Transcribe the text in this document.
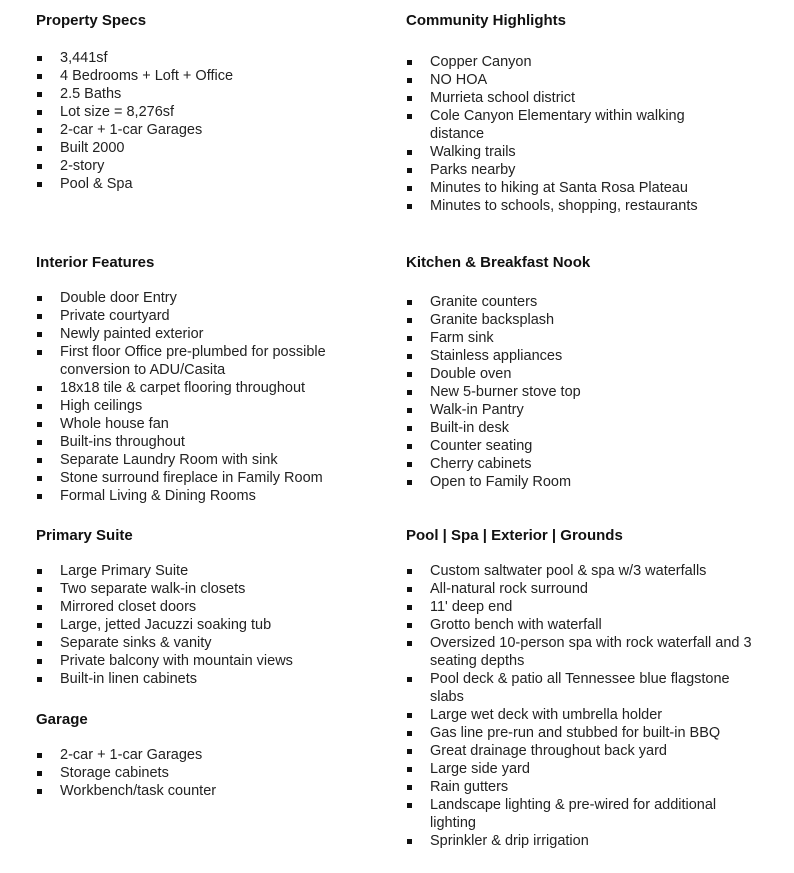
Property Specs
3,441sf
4 Bedrooms + Loft + Office
2.5 Baths
Lot size = 8,276sf
2-car + 1-car Garages
Built 2000
2-story
Pool & Spa
Community Highlights
Copper Canyon
NO HOA
Murrieta school district
Cole Canyon Elementary within walking distance
Walking trails
Parks nearby
Minutes to hiking at Santa Rosa Plateau
Minutes to schools, shopping, restaurants
Interior Features
Double door Entry
Private courtyard
Newly painted exterior
First floor Office pre-plumbed for possible conversion to ADU/Casita
18x18 tile & carpet flooring throughout
High ceilings
Whole house fan
Built-ins throughout
Separate Laundry Room with sink
Stone surround fireplace in Family Room
Formal Living & Dining Rooms
Kitchen & Breakfast Nook
Granite counters
Granite backsplash
Farm sink
Stainless appliances
Double oven
New 5-burner stove top
Walk-in Pantry
Built-in desk
Counter seating
Cherry cabinets
Open to Family Room
Primary Suite
Large Primary Suite
Two separate walk-in closets
Mirrored closet doors
Large, jetted Jacuzzi soaking tub
Separate sinks & vanity
Private balcony with mountain views
Built-in linen cabinets
Pool | Spa | Exterior | Grounds
Custom saltwater pool & spa w/3 waterfalls
All-natural rock surround
11' deep end
Grotto bench with waterfall
Oversized 10-person spa with rock waterfall and 3 seating depths
Pool deck & patio all Tennessee blue flagstone slabs
Large wet deck with umbrella holder
Gas line pre-run and stubbed for built-in BBQ
Great drainage throughout back yard
Large side yard
Rain gutters
Landscape lighting & pre-wired for additional lighting
Sprinkler & drip irrigation
Garage
2-car + 1-car Garages
Storage cabinets
Workbench/task counter
